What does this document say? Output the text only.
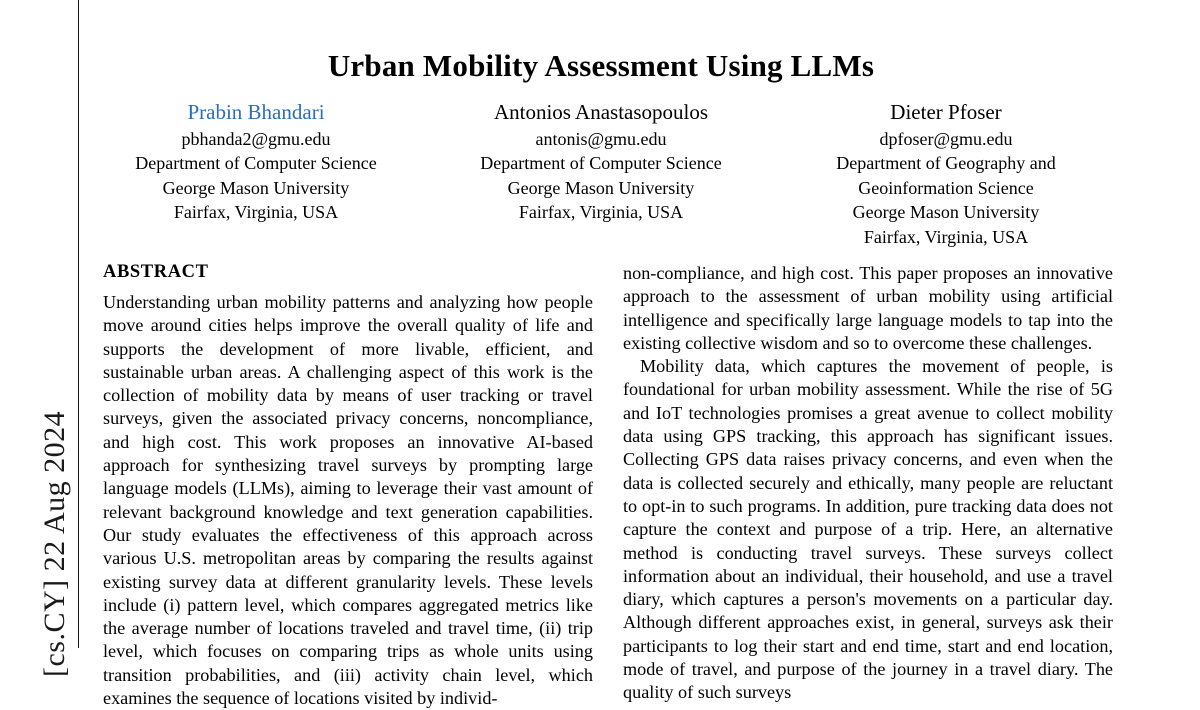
[cs.CY] 22 Aug 2024
Urban Mobility Assessment Using LLMs
Prabin Bhandari
pbhanda2@gmu.edu
Department of Computer Science
George Mason University
Fairfax, Virginia, USA
Antonios Anastasopoulos
antonis@gmu.edu
Department of Computer Science
George Mason University
Fairfax, Virginia, USA
Dieter Pfoser
dpfoser@gmu.edu
Department of Geography and
Geoinformation Science
George Mason University
Fairfax, Virginia, USA
ABSTRACT

Understanding urban mobility patterns and analyzing how people move around cities helps improve the overall quality of life and supports the development of more livable, efficient, and sustainable urban areas. A challenging aspect of this work is the collection of mobility data by means of user tracking or travel surveys, given the associated privacy concerns, noncompliance, and high cost. This work proposes an innovative AI-based approach for synthesizing travel surveys by prompting large language models (LLMs), aiming to leverage their vast amount of relevant background knowledge and text generation capabilities. Our study evaluates the effectiveness of this approach across various U.S. metropolitan areas by comparing the results against existing survey data at different granularity levels. These levels include (i) pattern level, which compares aggregated metrics like the average number of locations traveled and travel time, (ii) trip level, which focuses on comparing trips as whole units using transition probabilities, and (iii) activity chain level, which examines the sequence of locations visited by individ-

non-compliance, and high cost. This paper proposes an innovative approach to the assessment of urban mobility using artificial intelligence and specifically large language models to tap into the existing collective wisdom and so to overcome these challenges.

Mobility data, which captures the movement of people, is foundational for urban mobility assessment. While the rise of 5G and IoT technologies promises a great avenue to collect mobility data using GPS tracking, this approach has significant issues. Collecting GPS data raises privacy concerns, and even when the data is collected securely and ethically, many people are reluctant to opt-in to such programs. In addition, pure tracking data does not capture the context and purpose of a trip. Here, an alternative method is conducting travel surveys. These surveys collect information about an individual, their household, and use a travel diary, which captures a person's movements on a particular day. Although different approaches exist, in general, surveys ask their participants to log their start and end time, start and end location, mode of travel, and purpose of the journey in a travel diary. The quality of such surveys
